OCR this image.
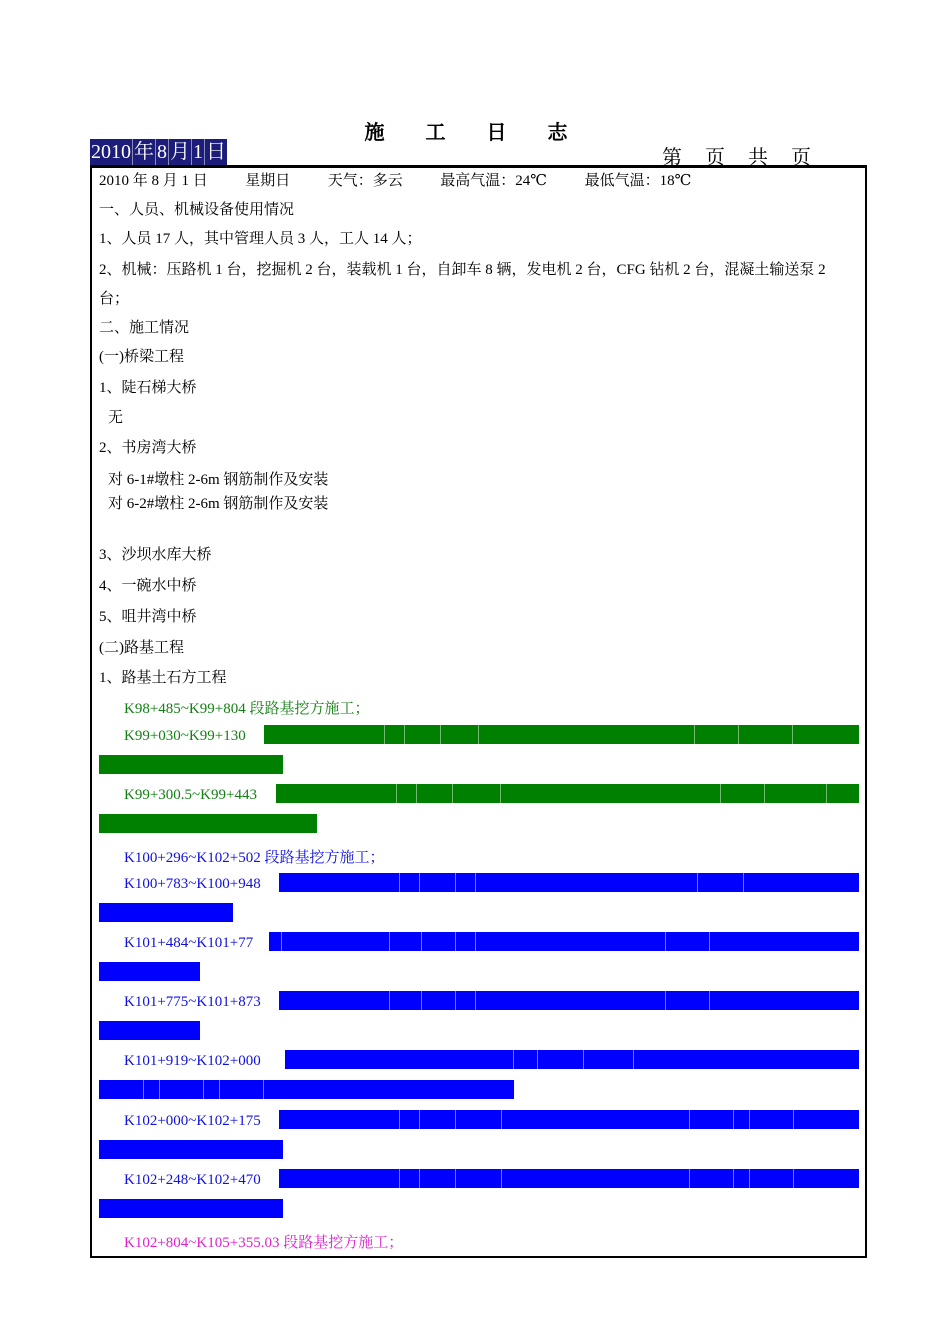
施 工 日 志
2010 年 8 月 1 日	第 页 共 页
2010 年 8 月 1 日	星期日	天气：多云	最高气温：24℃	最低气温：18℃
一、人员、机械设备使用情况
1、人员 17 人，其中管理人员 3 人，工人 14 人；
2、机械：压路机 1 台，挖掘机 2 台，装载机 1 台，自卸车 8 辆，发电机 2 台，CFG 钻机 2 台，混凝土输送泵 2
台；
二、施工情况
(一)桥梁工程
1、陡石梯大桥
无
2、书房湾大桥
对 6-1#墩柱 2-6m 钢筋制作及安装
对 6-2#墩柱 2-6m 钢筋制作及安装
3、沙坝水库大桥
4、一碗水中桥
5、咀井湾中桥
(二)路基工程
1、路基土石方工程
K98+485~K99+804 段路基挖方施工；
K99+030~K99+130
K99+300.5~K99+443
K100+296~K102+502 段路基挖方施工；
K100+783~K100+948
K101+484~K101+77
K101+775~K101+873
K101+919~K102+000
K102+000~K102+175
K102+248~K102+470
K102+804~K105+355.03 段路基挖方施工；
